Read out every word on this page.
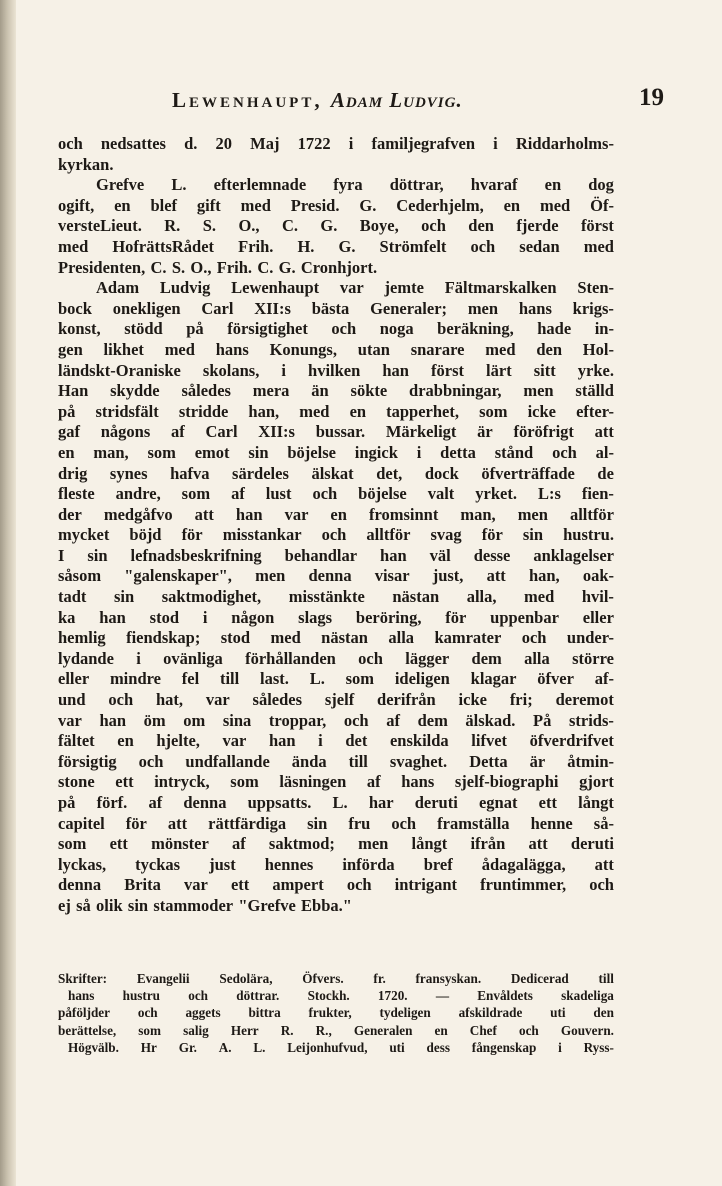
Lewenhaupt, Adam Ludvig.	19
och nedsattes d. 20 Maj 1722 i familjegrafven i Riddarholms-
kyrkan.
Grefve L. efterlemnade fyra döttrar, hvaraf en dog
ogift, en blef gift med Presid. G. Cederhjelm, en med Öf-
versteLieut. R. S. O., C. G. Boye, och den fjerde först
med HofrättsRådet Frih. H. G. Strömfelt och sedan med
Presidenten, C. S. O., Frih. C. G. Cronhjort.
Adam Ludvig Lewenhaupt var jemte Fältmarskalken Sten-
bock onekligen Carl XII:s bästa Generaler; men hans krigs-
konst, stödd på försigtighet och noga beräkning, hade in-
gen likhet med hans Konungs, utan snarare med den Hol-
ländskt-Oraniske skolans, i hvilken han först lärt sitt yrke.
Han skydde således mera än sökte drabbningar, men ställd
på stridsfält stridde han, med en tapperhet, som icke efter-
gaf någons af Carl XII:s bussar. Märkeligt är föröfrigt att
en man, som emot sin böjelse ingick i detta stånd och al-
drig synes hafva särdeles älskat det, dock öfverträffade de
fleste andre, som af lust och böjelse valt yrket. L:s fien-
der medgåfvo att han var en fromsinnt man, men alltför
mycket böjd för misstankar och alltför svag för sin hustru.
I sin lefnadsbeskrifning behandlar han väl desse anklagelser
såsom "galenskaper", men denna visar just, att han, oak-
tadt sin saktmodighet, misstänkte nästan alla, med hvil-
ka han stod i någon slags beröring, för uppenbar eller
hemlig fiendskap; stod med nästan alla kamrater och under-
lydande i ovänliga förhållanden och lägger dem alla större
eller mindre fel till last. L. som ideligen klagar öfver af-
und och hat, var således sjelf derifrån icke fri; deremot
var han öm om sina troppar, och af dem älskad. På strids-
fältet en hjelte, var han i det enskilda lifvet öfverdrifvet
försigtig och undfallande ända till svaghet. Detta är åtmin-
stone ett intryck, som läsningen af hans sjelf-biographi gjort
på förf. af denna uppsatts. L. har deruti egnat ett långt
capitel för att rättfärdiga sin fru och framställa henne så-
som ett mönster af saktmod; men långt ifrån att deruti
lyckas, tyckas just hennes införda bref ådagalägga, att
denna Brita var ett ampert och intrigant fruntimmer, och
ej så olik sin stammoder "Grefve Ebba."
Skrifter: Evangelii Sedolära, Öfvers. fr. fransyskan. Dedicerad till
hans hustru och döttrar. Stockh. 1720. — Envåldets skadeliga
påföljder och aggets bittra frukter, tydeligen afskildrade uti den
berättelse, som salig Herr R. R., Generalen en Chef och Gouvern.
Högvälb. Hr Gr. A. L. Leijonhufvud, uti dess fångenskap i Ryss-
